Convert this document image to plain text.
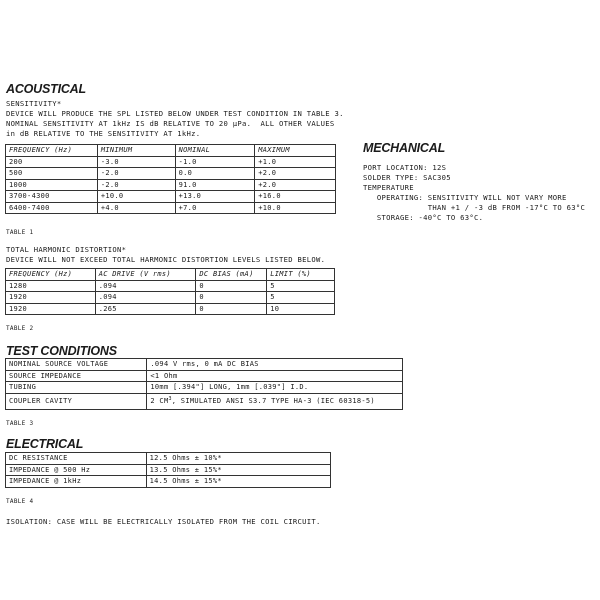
ACOUSTICAL
SENSITIVITY*
DEVICE WILL PRODUCE THE SPL LISTED BELOW UNDER TEST CONDITION IN TABLE 3.
NOMINAL SENSITIVITY AT 1kHz IS dB RELATIVE TO 20 µPa.  ALL OTHER VALUES
in dB RELATIVE TO THE SENSITIVITY AT 1kHz.
FREQUENCY (Hz)	MINIMUM	NOMINAL	MAXIMUM
200	-3.0	-1.0	+1.0
500	-2.0	0.0	+2.0
1000	-2.0	91.0	+2.0
3700-4300	+10.0	+13.0	+16.0
6400-7400	+4.0	+7.0	+10.0
TABLE 1
TOTAL HARMONIC DISTORTION*
DEVICE WILL NOT EXCEED TOTAL HARMONIC DISTORTION LEVELS LISTED BELOW.
FREQUENCY (Hz)	AC DRIVE (V rms)	DC BIAS (mA)	LIMIT (%)
1280	.094	0	5
1920	.094	0	5
1920	.265	0	10
TABLE 2
MECHANICAL
PORT LOCATION: 12S
SOLDER TYPE: SAC305
TEMPERATURE
OPERATING: SENSITIVITY WILL NOT VARY MORE
THAN +1 / -3 dB FROM -17°C TO 63°C
STORAGE: -40°C TO 63°C.
TEST CONDITIONS
NOMINAL SOURCE VOLTAGE	.094 V rms, 0 mA DC BIAS
SOURCE IMPEDANCE	<1 Ohm
TUBING	10mm [.394"] LONG, 1mm [.039"] I.D.
COUPLER CAVITY	2 $CM^3$, SIMULATED ANSI S3.7 TYPE HA-3 (IEC 60318-5)
TABLE 3
ELECTRICAL
DC RESISTANCE	12.5 Ohms ± 10%*
IMPEDANCE @ 500 Hz	13.5 Ohms ± 15%*
IMPEDANCE @ 1kHz	14.5 Ohms ± 15%*
TABLE 4
ISOLATION: CASE WILL BE ELECTRICALLY ISOLATED FROM THE COIL CIRCUIT.
